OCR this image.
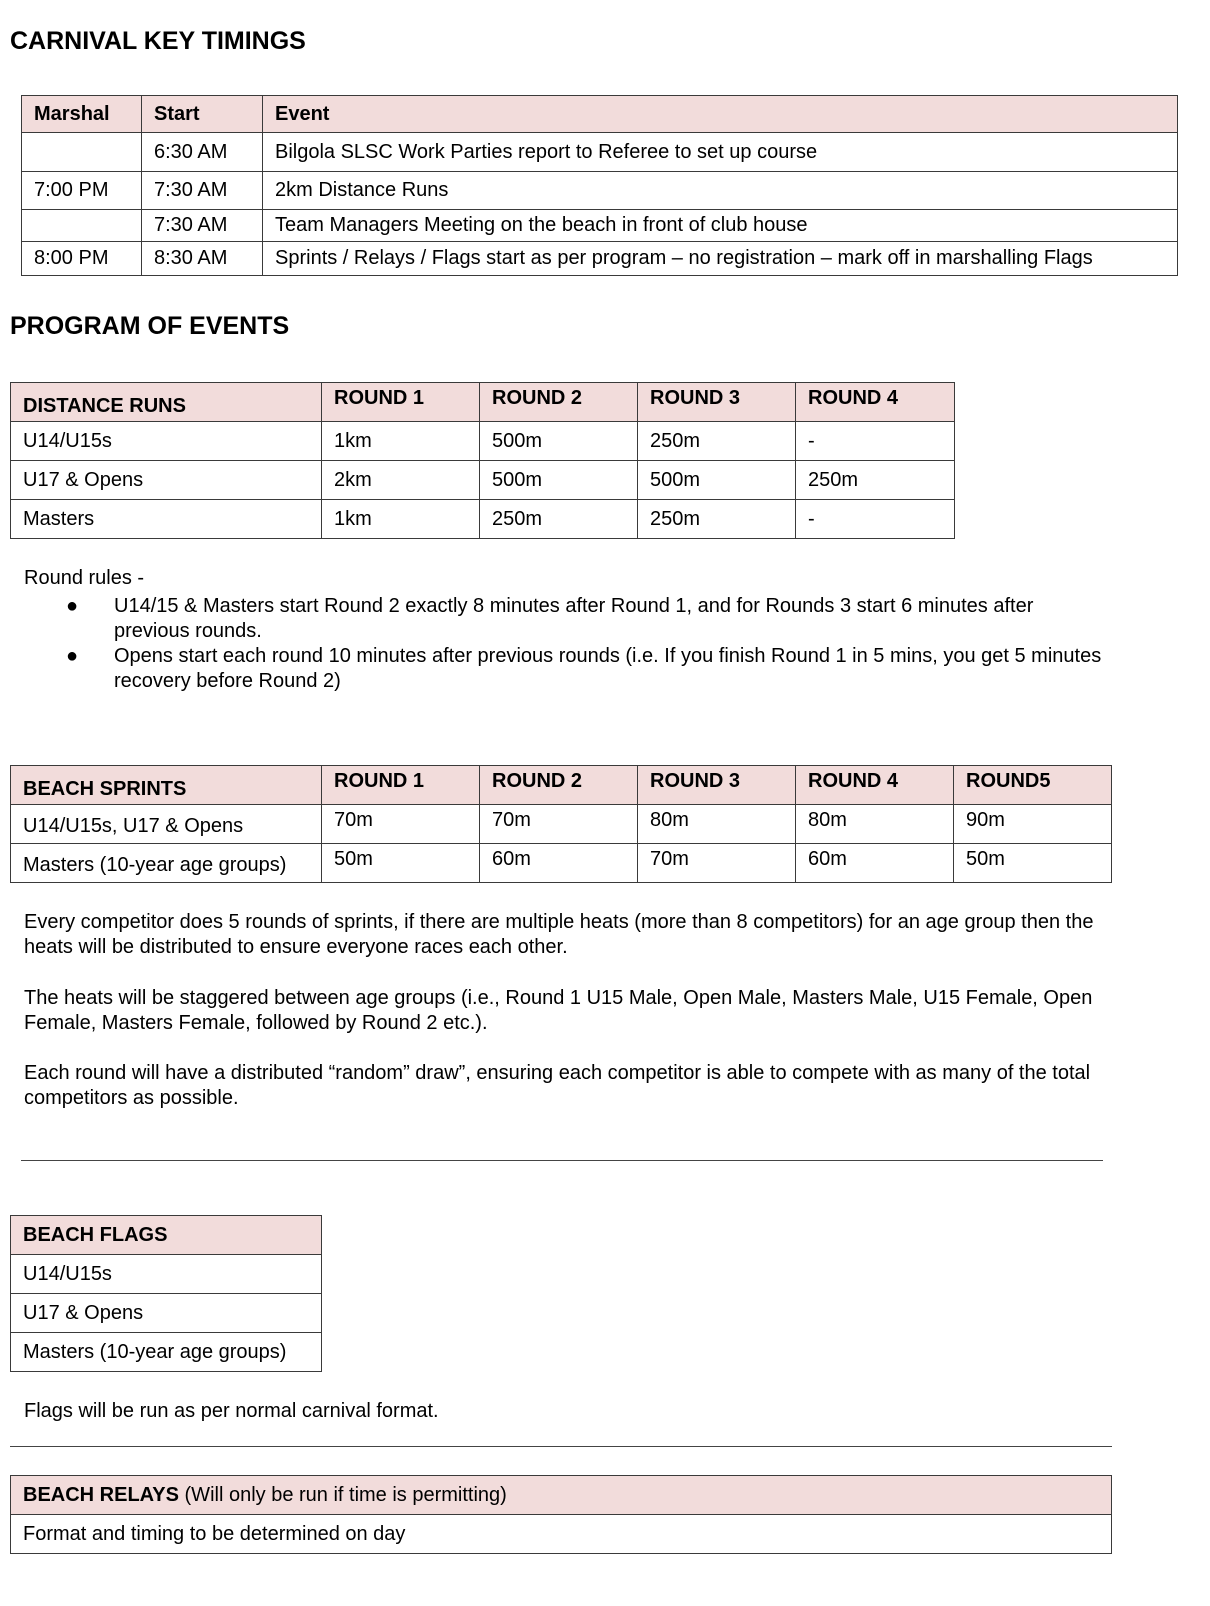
CARNIVAL KEY TIMINGS
Marshal	Start	Event
	6:30 AM	Bilgola SLSC Work Parties report to Referee to set up course
7:00 PM	7:30 AM	2km Distance Runs
	7:30 AM	Team Managers Meeting on the beach in front of club house
8:00 PM	8:30 AM	Sprints / Relays / Flags start as per program – no registration – mark off in marshalling Flags
PROGRAM OF EVENTS
DISTANCE RUNS	ROUND 1	ROUND 2	ROUND 3	ROUND 4
U14/U15s	1km	500m	250m	-
U17 & Opens	2km	500m	500m	250m
Masters	1km	250m	250m	-
Round rules -
● U14/15 & Masters start Round 2 exactly 8 minutes after Round 1, and for Rounds 3 start 6 minutes after previous rounds.
● Opens start each round 10 minutes after previous rounds (i.e. If you finish Round 1 in 5 mins, you get 5 minutes recovery before Round 2)
BEACH SPRINTS	ROUND 1	ROUND 2	ROUND 3	ROUND 4	ROUND5
U14/U15s, U17 & Opens	70m	70m	80m	80m	90m
Masters (10-year age groups)	50m	60m	70m	60m	50m
Every competitor does 5 rounds of sprints, if there are multiple heats (more than 8 competitors) for an age group then the heats will be distributed to ensure everyone races each other.
The heats will be staggered between age groups (i.e., Round 1 U15 Male, Open Male, Masters Male, U15 Female, Open Female, Masters Female, followed by Round 2 etc.).
Each round will have a distributed “random” draw”, ensuring each competitor is able to compete with as many of the total competitors as possible.
BEACH FLAGS
U14/U15s
U17 & Opens
Masters (10-year age groups)
Flags will be run as per normal carnival format.
BEACH RELAYS (Will only be run if time is permitting)
Format and timing to be determined on day
